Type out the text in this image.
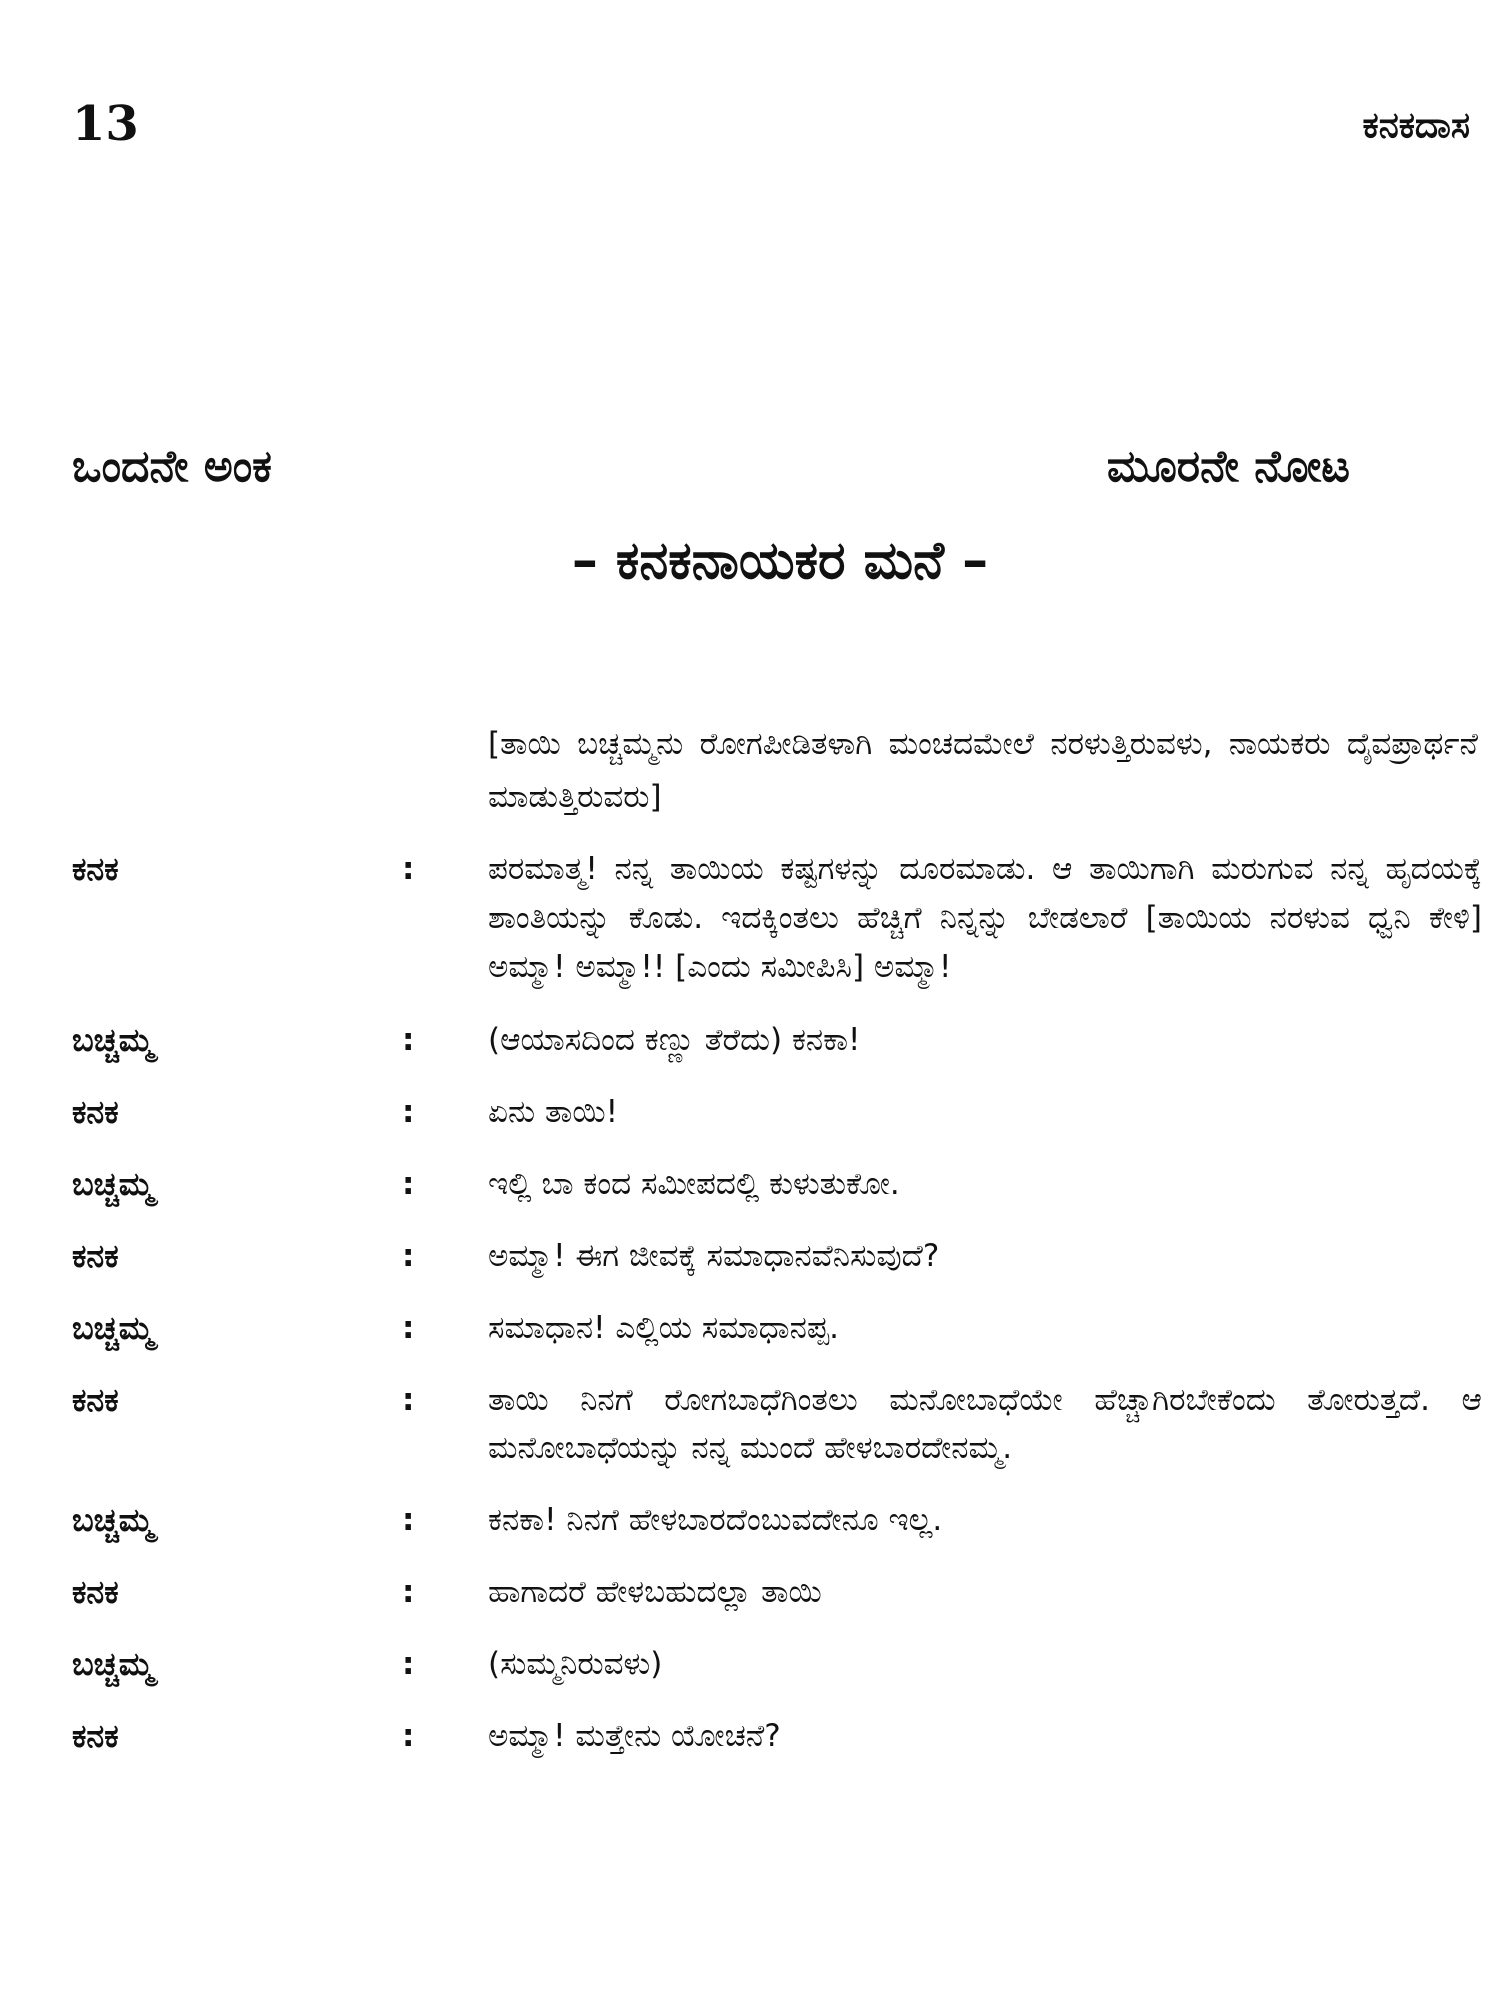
13	ಕನಕದಾಸ
ಒಂದನೇ ಅಂಕ	ಮೂರನೇ ನೋಟ
– ಕನಕನಾಯಕರ ಮನೆ –
[ತಾಯಿ ಬಚ್ಚಮ್ಮನು ರೋಗಪೀಡಿತಳಾಗಿ ಮಂಚದಮೇಲೆ ನರಳುತ್ತಿರುವಳು, ನಾಯಕರು ದೈವಪ್ರಾರ್ಥನೆ ಮಾಡುತ್ತಿರುವರು]
ಕನಕ	:	ಪರಮಾತ್ಮ! ನನ್ನ ತಾಯಿಯ ಕಷ್ಟಗಳನ್ನು ದೂರಮಾಡು. ಆ ತಾಯಿಗಾಗಿ ಮರುಗುವ ನನ್ನ ಹೃದಯಕ್ಕೆ ಶಾಂತಿಯನ್ನು ಕೊಡು. ಇದಕ್ಕಿಂತಲು ಹೆಚ್ಚಿಗೆ ನಿನ್ನನ್ನು ಬೇಡಲಾರೆ [ತಾಯಿಯ ನರಳುವ ಧ್ವನಿ ಕೇಳಿ] ಅಮ್ಮಾ! ಅಮ್ಮಾ!! [ಎಂದು ಸಮೀಪಿಸಿ] ಅಮ್ಮಾ!
ಬಚ್ಚಮ್ಮ	:	(ಆಯಾಸದಿಂದ ಕಣ್ಣು ತೆರೆದು) ಕನಕಾ!
ಕನಕ	:	ಏನು ತಾಯಿ!
ಬಚ್ಚಮ್ಮ	:	ಇಲ್ಲಿ ಬಾ ಕಂದ ಸಮೀಪದಲ್ಲಿ ಕುಳುತುಕೋ.
ಕನಕ	:	ಅಮ್ಮಾ! ಈಗ ಜೀವಕ್ಕೆ ಸಮಾಧಾನವೆನಿಸುವುದೆ?
ಬಚ್ಚಮ್ಮ	:	ಸಮಾಧಾನ! ಎಲ್ಲಿಯ ಸಮಾಧಾನಪ್ಪ.
ಕನಕ	:	ತಾಯಿ ನಿನಗೆ ರೋಗಬಾಧೆಗಿಂತಲು ಮನೋಬಾಧೆಯೇ ಹೆಚ್ಚಾಗಿರಬೇಕೆಂದು ತೋರುತ್ತದೆ. ಆ ಮನೋಬಾಧೆಯನ್ನು ನನ್ನ ಮುಂದೆ ಹೇಳಬಾರದೇನಮ್ಮ.
ಬಚ್ಚಮ್ಮ	:	ಕನಕಾ! ನಿನಗೆ ಹೇಳಬಾರದೆಂಬುವದೇನೂ ಇಲ್ಲ.
ಕನಕ	:	ಹಾಗಾದರೆ ಹೇಳಬಹುದಲ್ಲಾ ತಾಯಿ
ಬಚ್ಚಮ್ಮ	:	(ಸುಮ್ಮನಿರುವಳು)
ಕನಕ	:	ಅಮ್ಮಾ! ಮತ್ತೇನು ಯೋಚನೆ?
